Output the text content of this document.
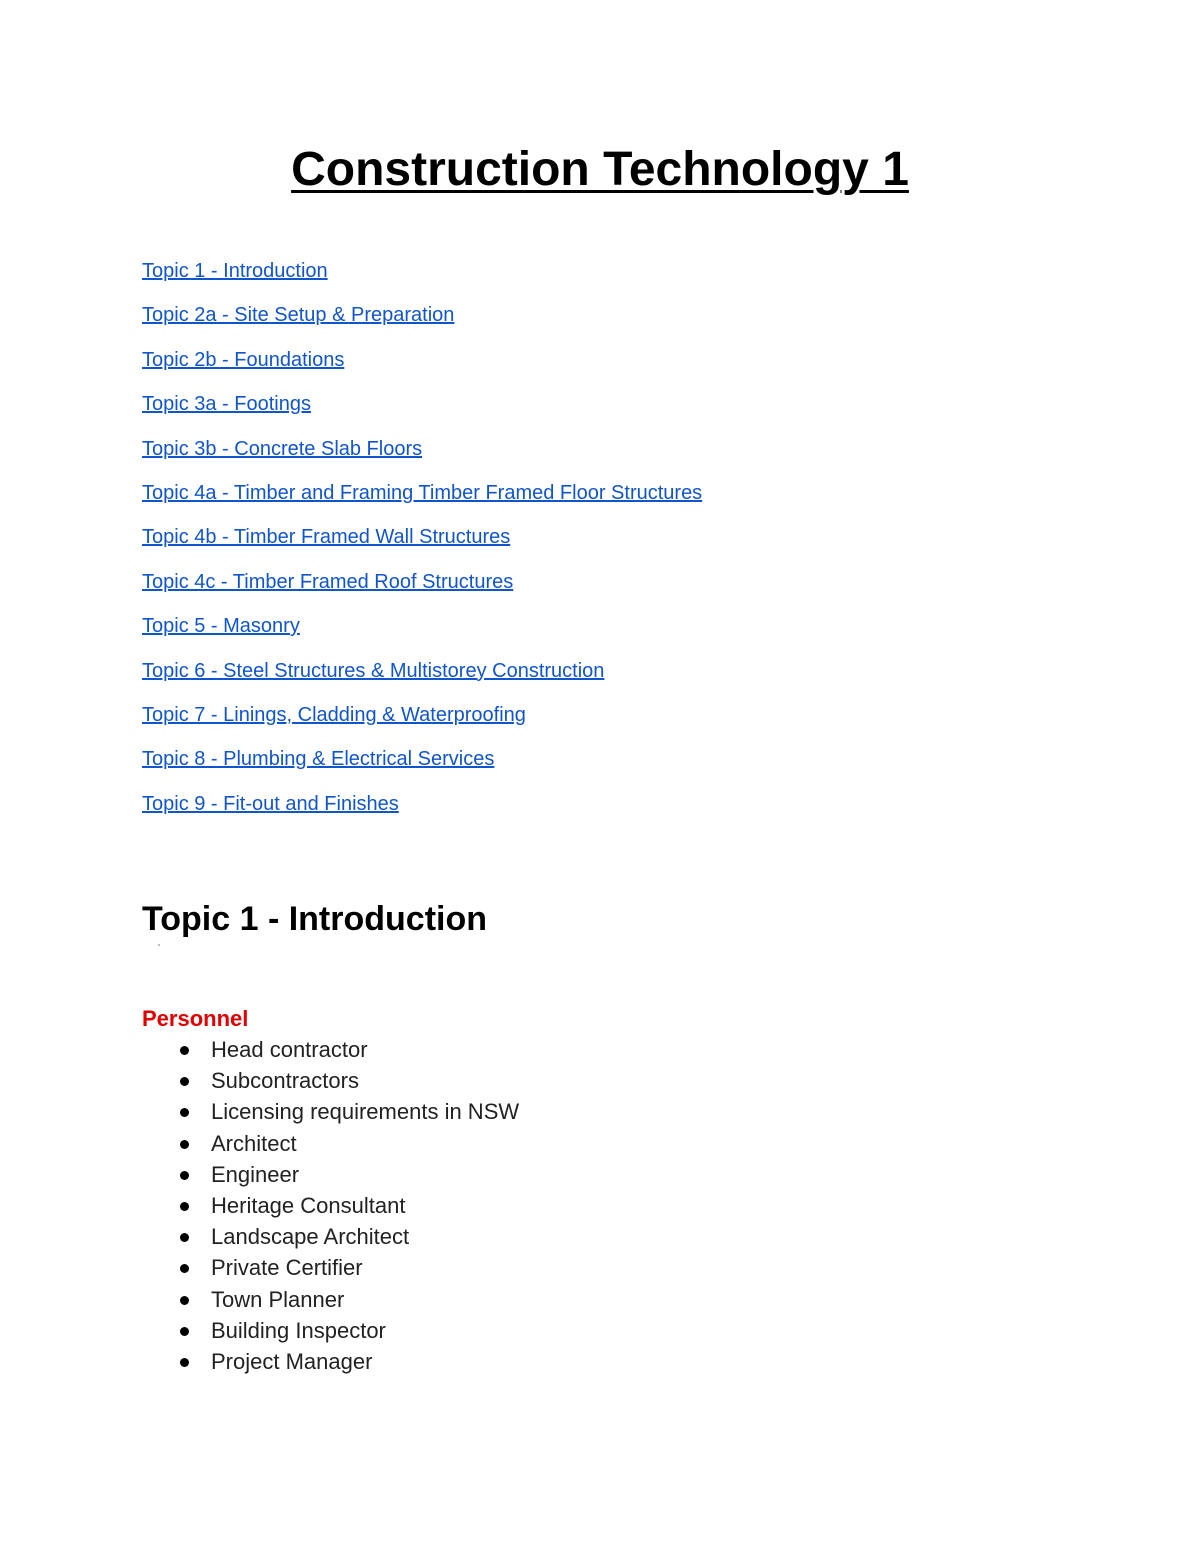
Construction Technology 1
Topic 1 - Introduction
Topic 2a - Site Setup & Preparation
Topic 2b - Foundations
Topic 3a - Footings
Topic 3b - Concrete Slab Floors
Topic 4a - Timber and Framing Timber Framed Floor Structures
Topic 4b - Timber Framed Wall Structures
Topic 4c - Timber Framed Roof Structures
Topic 5 - Masonry
Topic 6 - Steel Structures & Multistorey Construction
Topic 7 - Linings, Cladding & Waterproofing
Topic 8 - Plumbing & Electrical Services
Topic 9 - Fit-out and Finishes
Topic 1 - Introduction
Personnel
Head contractor
Subcontractors
Licensing requirements in NSW
Architect
Engineer
Heritage Consultant
Landscape Architect
Private Certifier
Town Planner
Building Inspector
Project Manager
